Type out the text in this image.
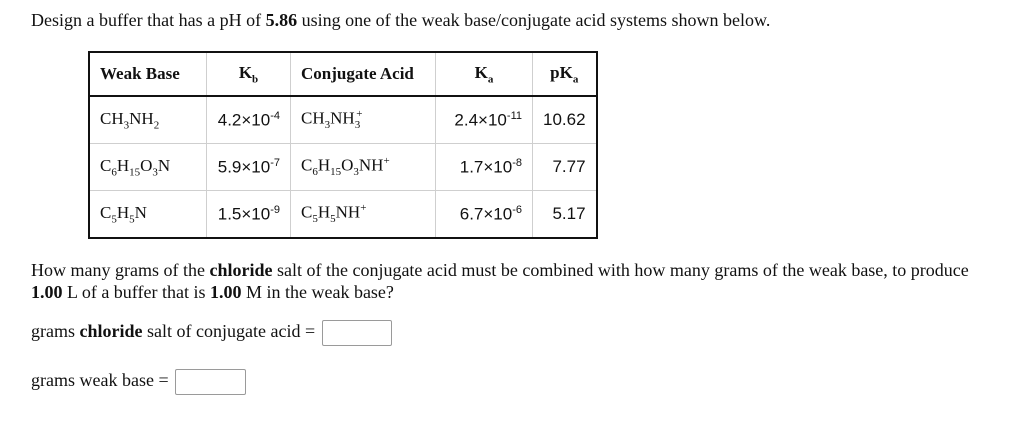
Design a buffer that has a pH of 5.86 using one of the weak base/conjugate acid systems shown below.
Weak Base	$K_b$	Conjugate Acid	$K_a$	$pK_a$
$CH_3NH_2$	$4.2\times 10^{-4}$	$CH_3NH_3^+$	$2.4\times 10^{-11}$	10.62
$C_6H_{15}O_3N$	$5.9\times 10^{-7}$	$C_6H_{15}O_3NH^+$	$1.7\times 10^{-8}$	7.77
$C_5H_5N$	$1.5\times 10^{-9}$	$C_5H_5NH^+$	$6.7\times 10^{-6}$	5.17
How many grams of the chloride salt of the conjugate acid must be combined with how many grams of the weak base, to produce 1.00 L of a buffer that is 1.00 M in the weak base?
grams chloride salt of conjugate acid =
grams weak base =
